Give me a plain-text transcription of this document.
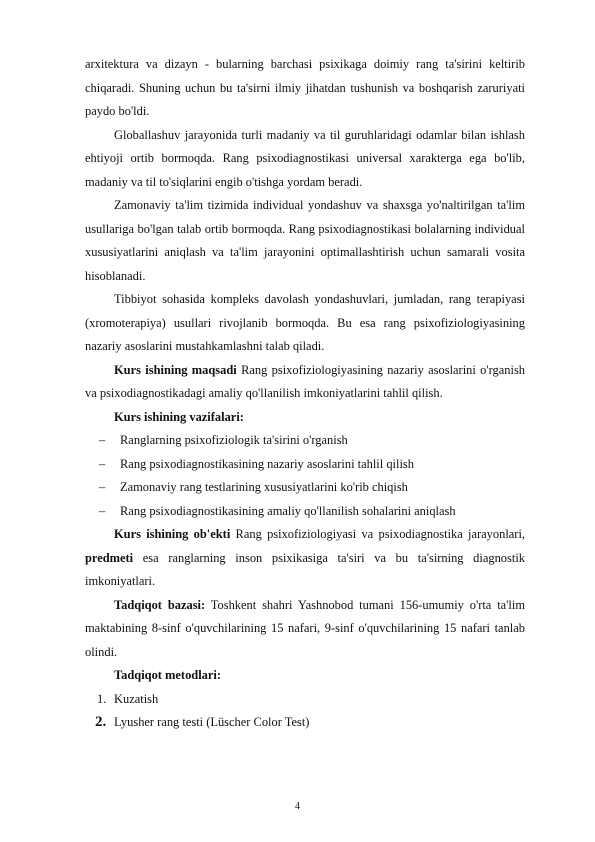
arxitektura va dizayn - bularning barchasi psixikaga doimiy rang ta'sirini keltirib chiqaradi. Shuning uchun bu ta'sirni ilmiy jihatdan tushunish va boshqarish zaruriyati paydo bo'ldi.

Globallashuv jarayonida turli madaniy va til guruhlaridagi odamlar bilan ishlash ehtiyoji ortib bormoqda. Rang psixodiagnostikasi universal xarakterga ega bo'lib, madaniy va til to'siqlarini engib o'tishga yordam beradi.

Zamonaviy ta'lim tizimida individual yondashuv va shaxsga yo'naltirilgan ta'lim usullariga bo'lgan talab ortib bormoqda. Rang psixodiagnostikasi bolalarning individual xususiyatlarini aniqlash va ta'lim jarayonini optimallashtirish uchun samarali vosita hisoblanadi.

Tibbiyot sohasida kompleks davolash yondashuvlari, jumladan, rang terapiyasi (xromoterapiya) usullari rivojlanib bormoqda. Bu esa rang psixofiziologiyasining nazariy asoslarini mustahkamlashni talab qiladi.

Kurs ishining maqsadi Rang psixofiziologiyasining nazariy asoslarini o'rganish va psixodiagnostikadagi amaliy qo'llanilish imkoniyatlarini tahlil qilish.

Kurs ishining vazifalari:

– Ranglarning psixofiziologik ta'sirini o'rganish

– Rang psixodiagnostikasining nazariy asoslarini tahlil qilish

– Zamonaviy rang testlarining xususiyatlarini ko'rib chiqish

– Rang psixodiagnostikasining amaliy qo'llanilish sohalarini aniqlash

Kurs ishining ob'ekti Rang psixofiziologiyasi va psixodiagnostika jarayonlari, predmeti esa ranglarning inson psixikasiga ta'siri va bu ta'sirning diagnostik imkoniyatlari.

Tadqiqot bazasi: Toshkent shahri Yashnobod tumani 156-umumiy o'rta ta'lim maktabining 8-sinf o'quvchilarining 15 nafari, 9-sinf o'quvchilarining 15 nafari tanlab olindi.

Tadqiqot metodlari:

1. Kuzatish

2. Lyusher rang testi (Lüscher Color Test)

4
